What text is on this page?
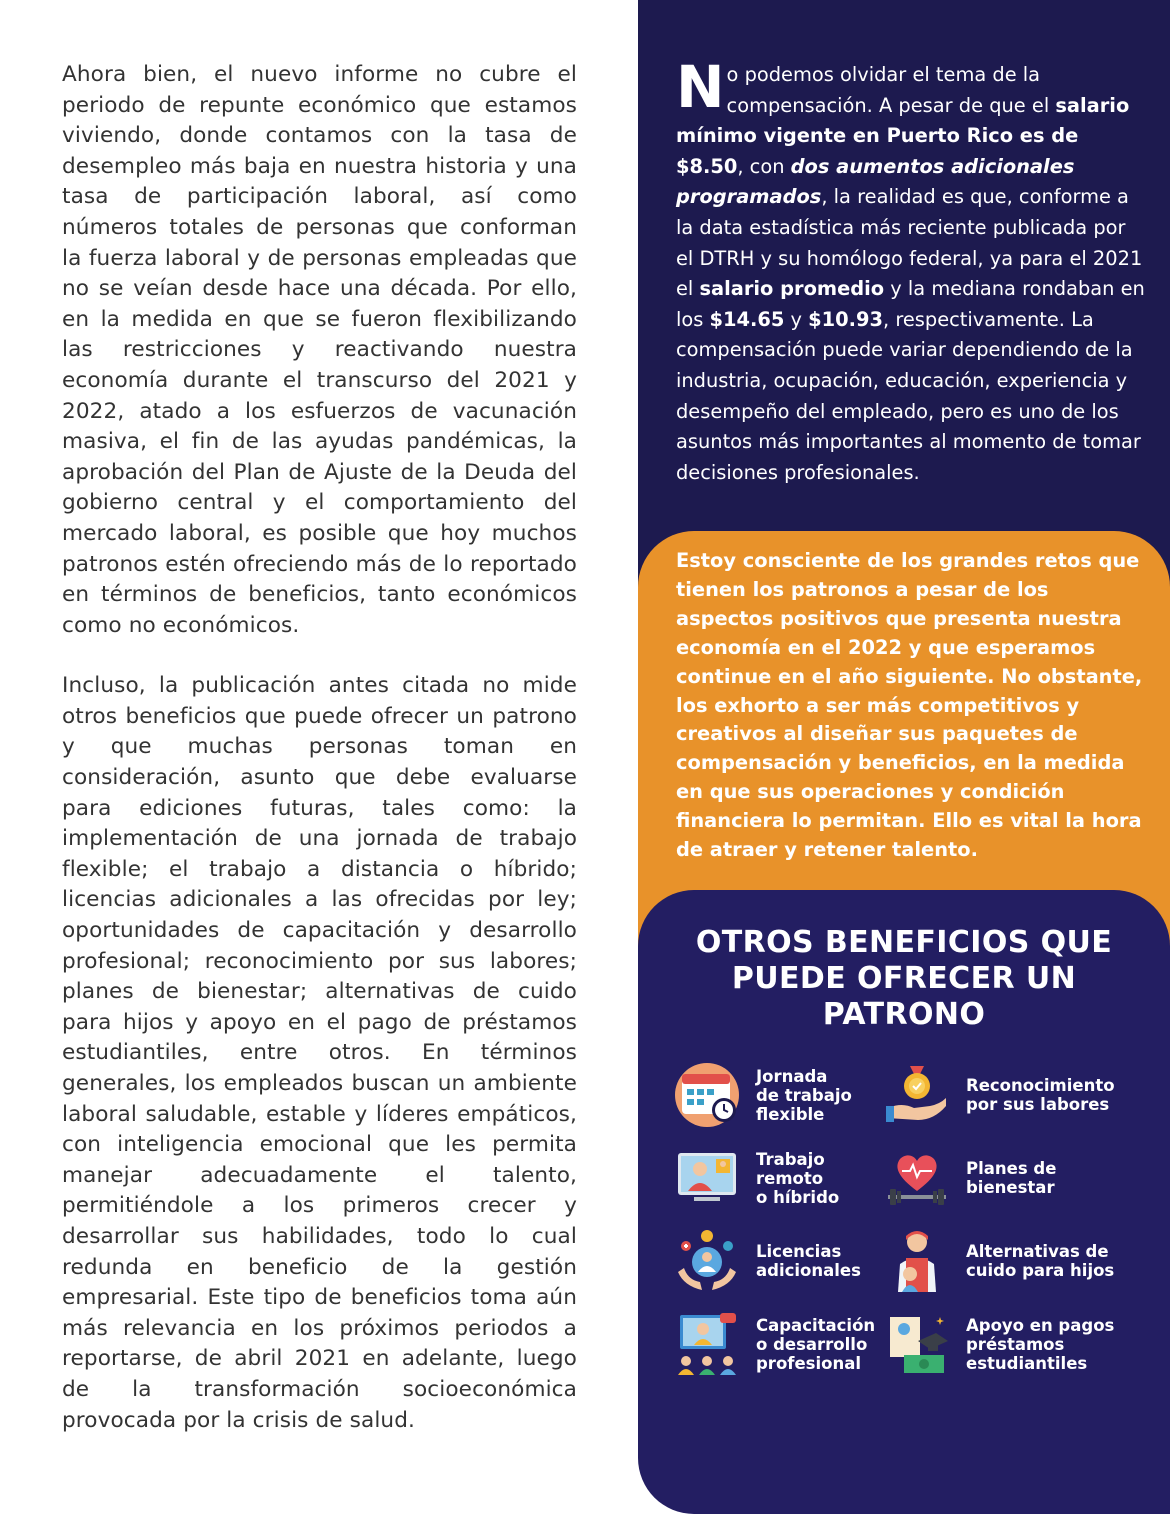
Ahora bien, el nuevo informe no cubre el periodo de repunte económico que estamos viviendo, donde contamos con la tasa de desempleo más baja en nuestra historia y una tasa de participación laboral, así como números totales de personas que conforman la fuerza laboral y de personas empleadas que no se veían desde hace una década. Por ello, en la medida en que se fueron flexibilizando las restricciones y reactivando nuestra economía durante el transcurso del 2021 y 2022, atado a los esfuerzos de vacunación masiva, el fin de las ayudas pandémicas, la aprobación del Plan de Ajuste de la Deuda del gobierno central y el comportamiento del mercado laboral, es posible que hoy muchos patronos estén ofreciendo más de lo reportado en términos de beneficios, tanto económicos como no económicos.

Incluso, la publicación antes citada no mide otros beneficios que puede ofrecer un patrono y que muchas personas toman en consideración, asunto que debe evaluarse para ediciones futuras, tales como: la implementación de una jornada de trabajo flexible; el trabajo a distancia o híbrido; licencias adicionales a las ofrecidas por ley; oportunidades de capacitación y desarrollo profesional; reconocimiento por sus labores; planes de bienestar; alternativas de cuido para hijos y apoyo en el pago de préstamos estudiantiles, entre otros. En términos generales, los empleados buscan un ambiente laboral saludable, estable y líderes empáticos, con inteligencia emocional que les permita manejar adecuadamente el talento, permitiéndole a los primeros crecer y desarrollar sus habilidades, todo lo cual redunda en beneficio de la gestión empresarial. Este tipo de beneficios toma aún más relevancia en los próximos periodos a reportarse, de abril 2021 en adelante, luego de la transformación socioeconómica provocada por la crisis de salud.

No podemos olvidar el tema de la compensación. A pesar de que el salario mínimo vigente en Puerto Rico es de $8.50, con dos aumentos adicionales programados, la realidad es que, conforme a la data estadística más reciente publicada por el DTRH y su homólogo federal, ya para el 2021 el salario promedio y la mediana rondaban en los $14.65 y $10.93, respectivamente. La compensación puede variar dependiendo de la industria, ocupación, educación, experiencia y desempeño del empleado, pero es uno de los asuntos más importantes al momento de tomar decisiones profesionales.
Estoy consciente de los grandes retos que tienen los patronos a pesar de los aspectos positivos que presenta nuestra economía en el 2022 y que esperamos continue en el año siguiente. No obstante, los exhorto a ser más competitivos y creativos al diseñar sus paquetes de compensación y beneficios, en la medida en que sus operaciones y condición financiera lo permitan. Ello es vital la hora de atraer y retener talento.
OTROS BENEFICIOS QUE
PUEDE OFRECER UN
PATRONO
Jornada
de trabajo
flexible
Reconocimiento
por sus labores
Trabajo
remoto
o híbrido
Planes de
bienestar
Licencias
adicionales
Alternativas de
cuido para hijos
Capacitación
o desarrollo
profesional
Apoyo en pagos
préstamos
estudiantiles
